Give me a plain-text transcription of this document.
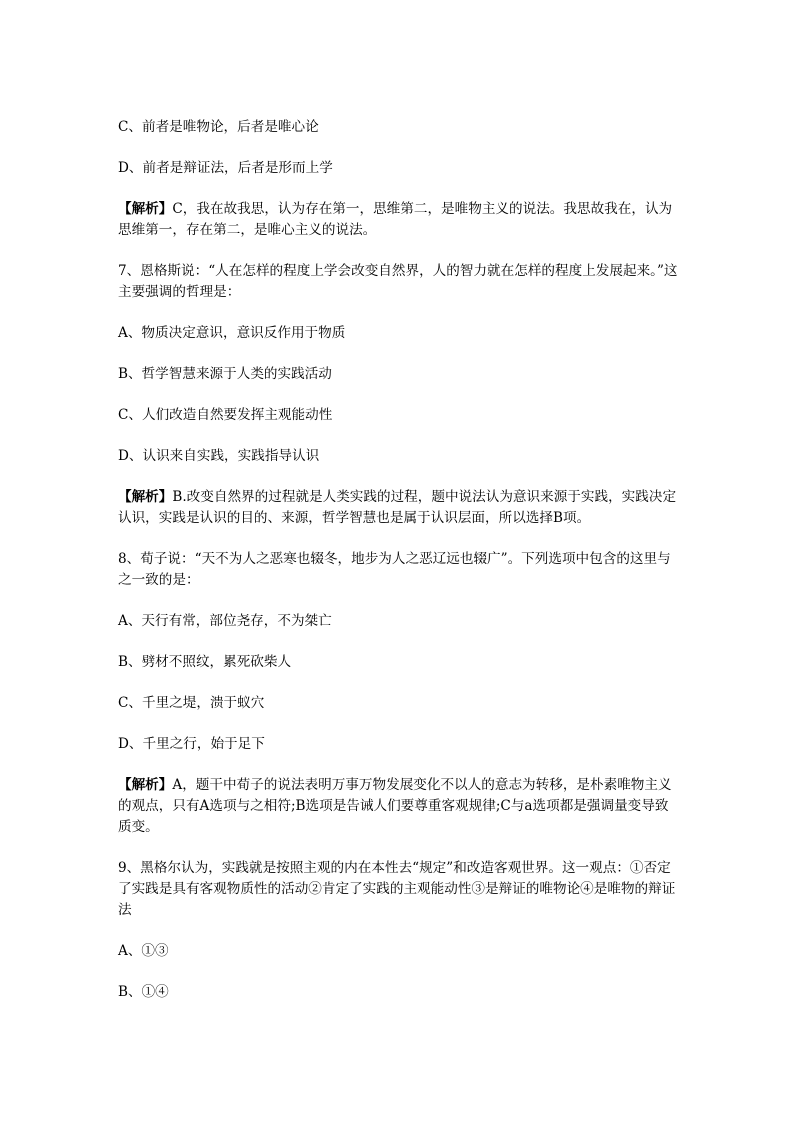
C、前者是唯物论，后者是唯心论

D、前者是辩证法，后者是形而上学

【解析】C，我在故我思，认为存在第一，思维第二，是唯物主义的说法。我思故我在，认为思维第一，存在第二，是唯心主义的说法。

7、恩格斯说：“人在怎样的程度上学会改变自然界，人的智力就在怎样的程度上发展起来。”这主要强调的哲理是：

A、物质决定意识，意识反作用于物质

B、哲学智慧来源于人类的实践活动

C、人们改造自然要发挥主观能动性

D、认识来自实践，实践指导认识

【解析】B.改变自然界的过程就是人类实践的过程，题中说法认为意识来源于实践，实践决定认识，实践是认识的目的、来源，哲学智慧也是属于认识层面，所以选择B项。

8、荀子说：“天不为人之恶寒也辍冬，地步为人之恶辽远也辍广”。下列选项中包含的这里与之一致的是：

A、天行有常，部位尧存，不为桀亡

B、劈材不照纹，累死砍柴人

C、千里之堤，溃于蚁穴

D、千里之行，始于足下

【解析】A，题干中荀子的说法表明万事万物发展变化不以人的意志为转移，是朴素唯物主义的观点，只有A选项与之相符;B选项是告诫人们要尊重客观规律;C与a选项都是强调量变导致质变。

9、黑格尔认为，实践就是按照主观的内在本性去“规定”和改造客观世界。这一观点：①否定了实践是具有客观物质性的活动②肯定了实践的主观能动性③是辩证的唯物论④是唯物的辩证法

A、①③

B、①④
